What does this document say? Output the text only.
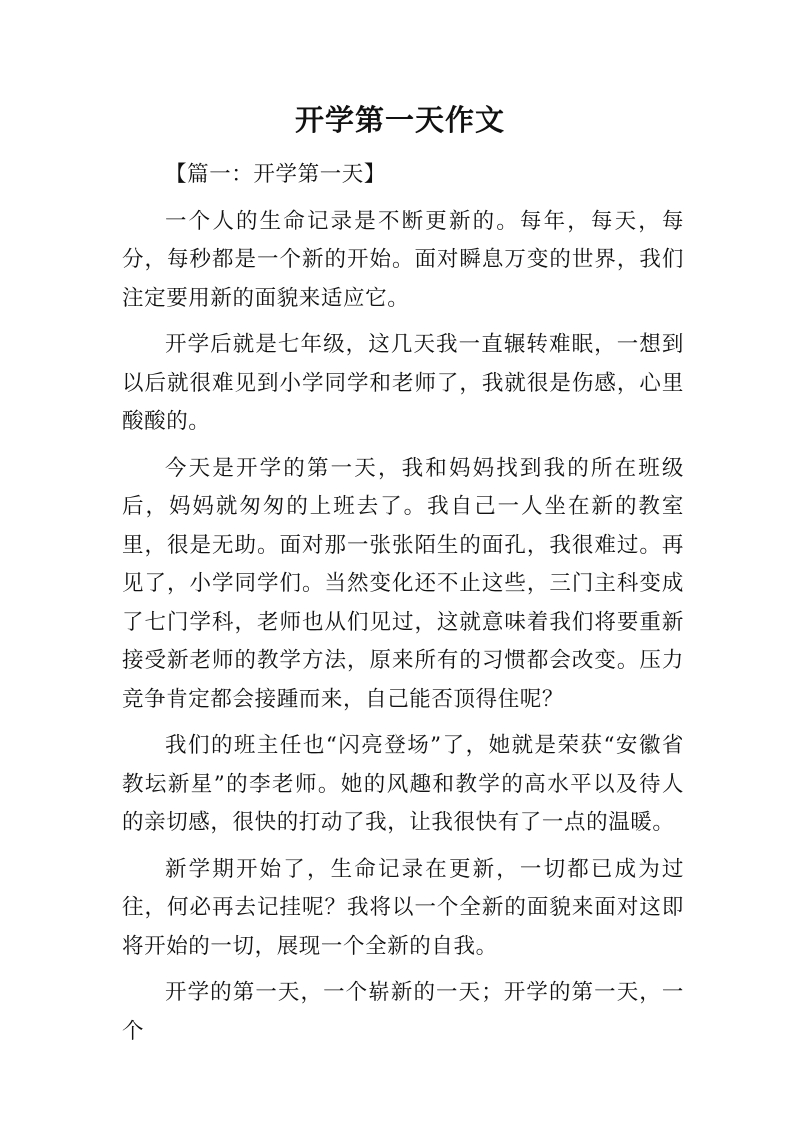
开学第一天作文

【篇一：开学第一天】

一个人的生命记录是不断更新的。每年，每天，每分，每秒都是一个新的开始。面对瞬息万变的世界，我们注定要用新的面貌来适应它。

开学后就是七年级，这几天我一直辗转难眠，一想到以后就很难见到小学同学和老师了，我就很是伤感，心里酸酸的。

今天是开学的第一天，我和妈妈找到我的所在班级后，妈妈就匆匆的上班去了。我自己一人坐在新的教室里，很是无助。面对那一张张陌生的面孔，我很难过。再见了，小学同学们。当然变化还不止这些，三门主科变成了七门学科，老师也从们见过，这就意味着我们将要重新接受新老师的教学方法，原来所有的习惯都会改变。压力竞争肯定都会接踵而来，自己能否顶得住呢？

我们的班主任也“闪亮登场”了，她就是荣获“安徽省教坛新星”的李老师。她的风趣和教学的高水平以及待人的亲切感，很快的打动了我，让我很快有了一点的温暖。

新学期开始了，生命记录在更新，一切都已成为过往，何必再去记挂呢？我将以一个全新的面貌来面对这即将开始的一切，展现一个全新的自我。

开学的第一天，一个崭新的一天；开学的第一天，一个
